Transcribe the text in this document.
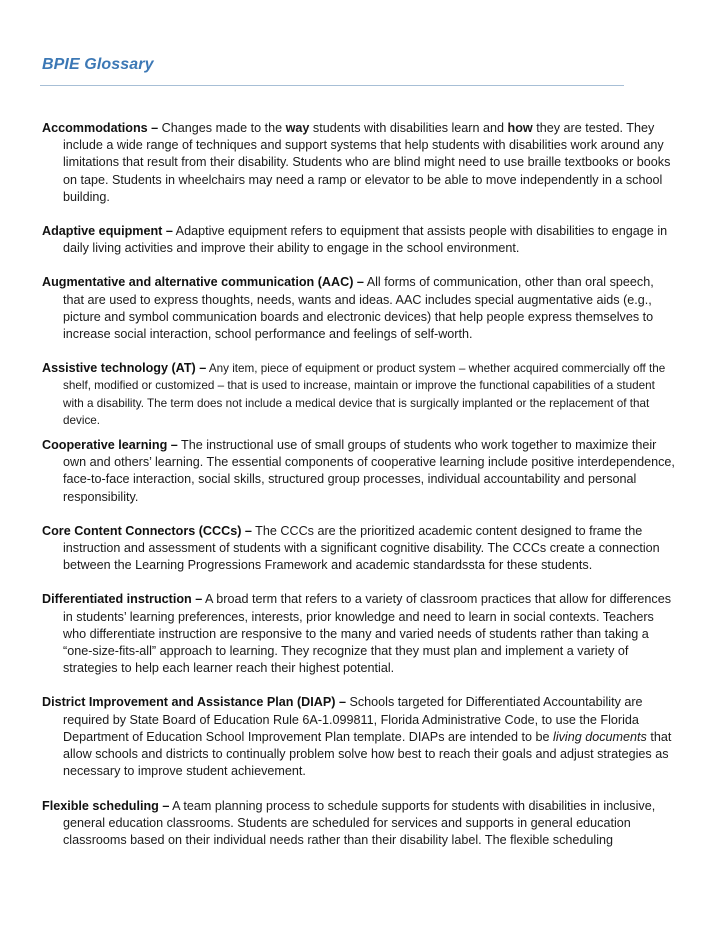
BPIE Glossary

Accommodations – Changes made to the way students with disabilities learn and how they are tested. They include a wide range of techniques and support systems that help students with disabilities work around any limitations that result from their disability. Students who are blind might need to use braille textbooks or books on tape. Students in wheelchairs may need a ramp or elevator to be able to move independently in a school building.

Adaptive equipment – Adaptive equipment refers to equipment that assists people with disabilities to engage in daily living activities and improve their ability to engage in the school environment.

Augmentative and alternative communication (AAC) – All forms of communication, other than oral speech, that are used to express thoughts, needs, wants and ideas. AAC includes special augmentative aids (e.g., picture and symbol communication boards and electronic devices) that help people express themselves to increase social interaction, school performance and feelings of self-worth.

Assistive technology (AT) – Any item, piece of equipment or product system – whether acquired commercially off the shelf, modified or customized – that is used to increase, maintain or improve the functional capabilities of a student with a disability. The term does not include a medical device that is surgically implanted or the replacement of that device.

Cooperative learning – The instructional use of small groups of students who work together to maximize their own and others’ learning. The essential components of cooperative learning include positive interdependence, face-to-face interaction, social skills, structured group processes, individual accountability and personal responsibility.

Core Content Connectors (CCCs) – The CCCs are the prioritized academic content designed to frame the instruction and assessment of students with a significant cognitive disability. The CCCs create a connection between the Learning Progressions Framework and academic standardssta for these students.

Differentiated instruction – A broad term that refers to a variety of classroom practices that allow for differences in students’ learning preferences, interests, prior knowledge and need to learn in social contexts. Teachers who differentiate instruction are responsive to the many and varied needs of students rather than taking a “one-size-fits-all” approach to learning. They recognize that they must plan and implement a variety of strategies to help each learner reach their highest potential.

District Improvement and Assistance Plan (DIAP) – Schools targeted for Differentiated Accountability are required by State Board of Education Rule 6A-1.099811, Florida Administrative Code, to use the Florida Department of Education School Improvement Plan template. DIAPs are intended to be living documents that allow schools and districts to continually problem solve how best to reach their goals and adjust strategies as necessary to improve student achievement.

Flexible scheduling – A team planning process to schedule supports for students with disabilities in inclusive, general education classrooms. Students are scheduled for services and supports in general education classrooms based on their individual needs rather than their disability label. The flexible scheduling
